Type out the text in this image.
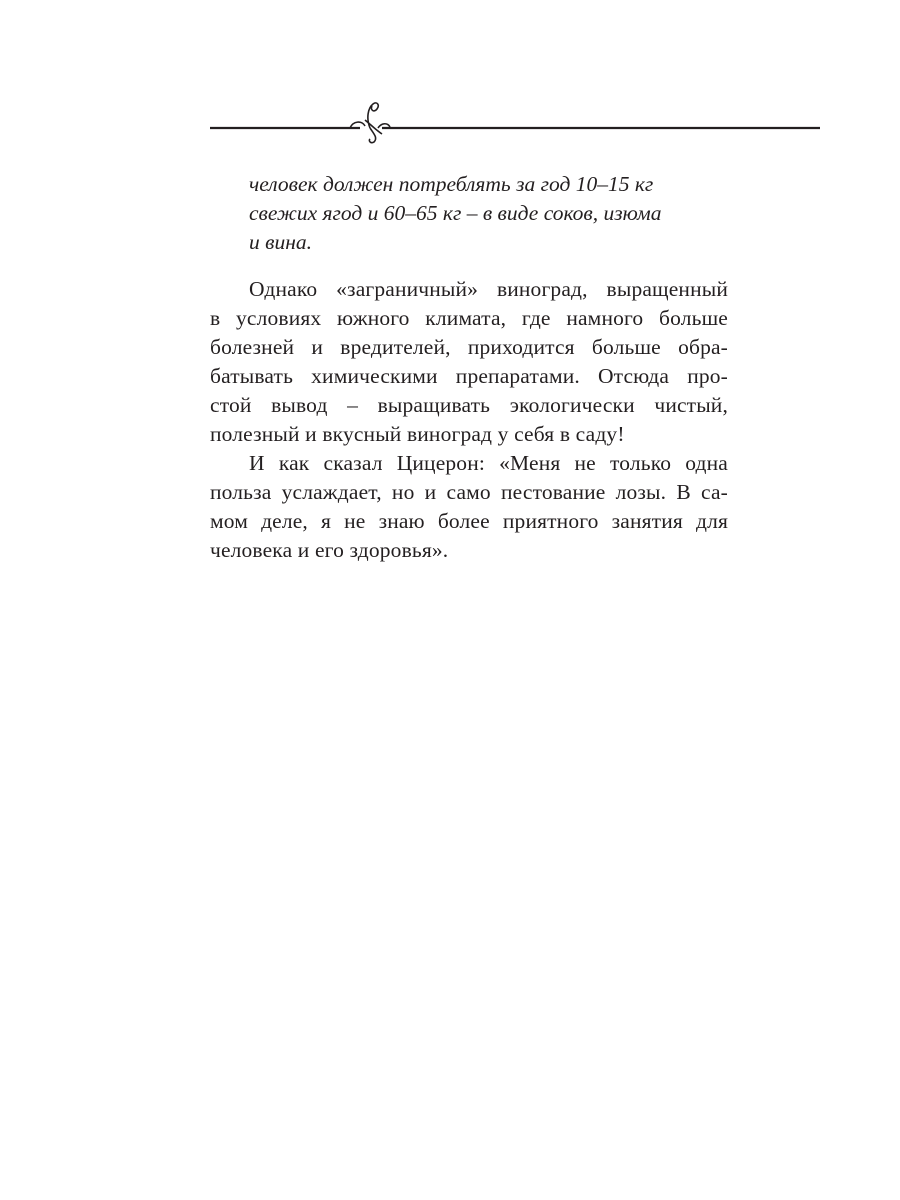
человек должен потреблять за год 10–15 кг
свежих ягод и 60–65 кг – в виде соков, изюма
и вина.

Однако «заграничный» виноград, выращенный
в условиях южного климата, где намного больше
болезней и вредителей, приходится больше обра-
батывать химическими препаратами. Отсюда про-
стой вывод – выращивать экологически чистый,
полезный и вкусный виноград у себя в саду!

И как сказал Цицерон: «Меня не только одна
польза услаждает, но и само пестование лозы. В са-
мом деле, я не знаю более приятного занятия для
человека и его здоровья».
